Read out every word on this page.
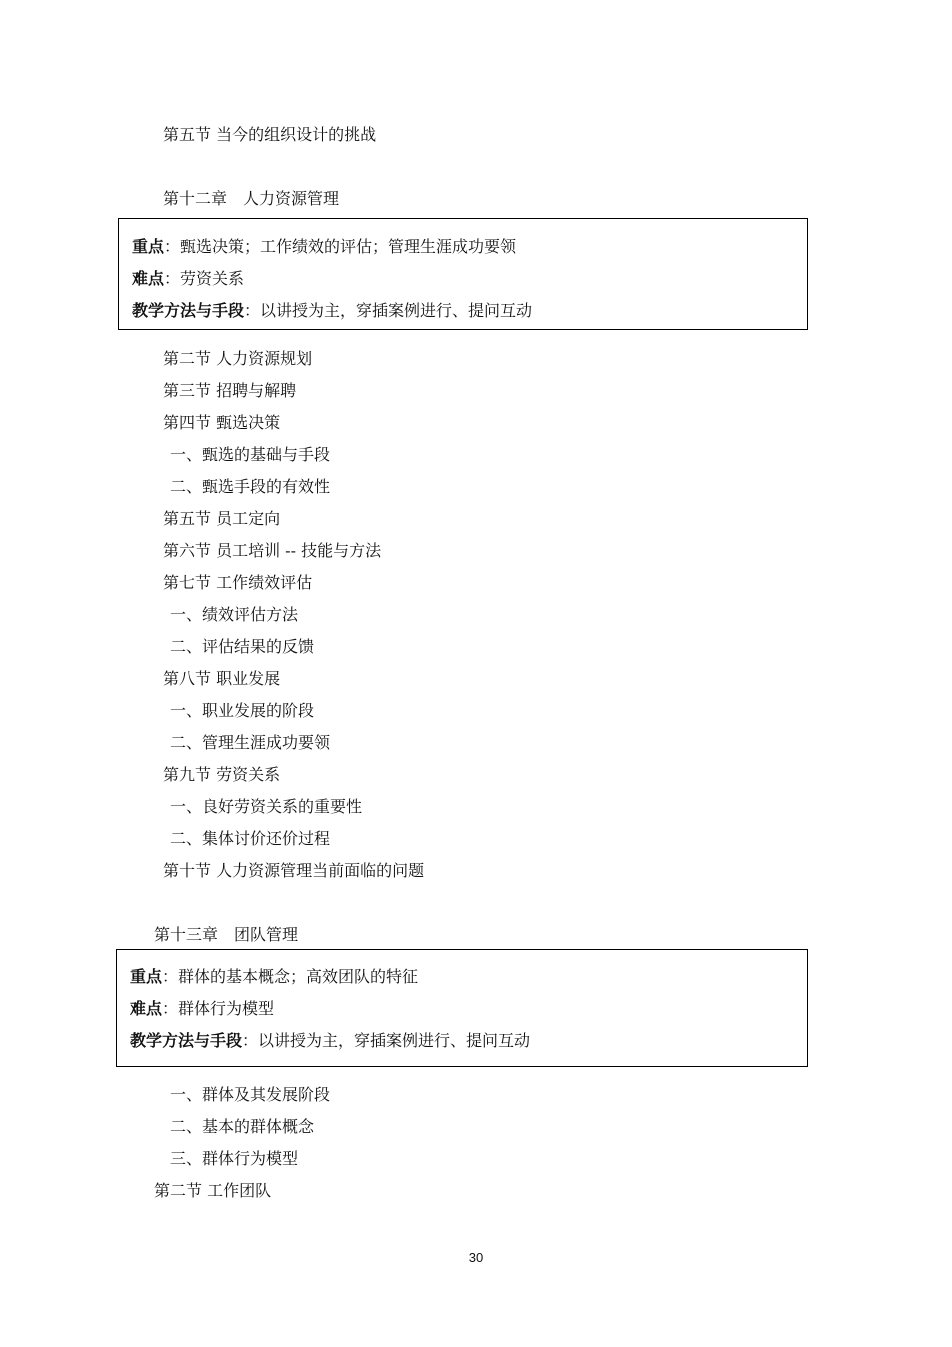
第五节 当今的组织设计的挑战
第十二章　人力资源管理
重点：甄选决策；工作绩效的评估；管理生涯成功要领
难点：劳资关系
教学方法与手段：以讲授为主，穿插案例进行、提问互动
第二节 人力资源规划
第三节 招聘与解聘
第四节 甄选决策
一、甄选的基础与手段
二、甄选手段的有效性
第五节 员工定向
第六节 员工培训 -- 技能与方法
第七节 工作绩效评估
一、绩效评估方法
二、评估结果的反馈
第八节 职业发展
一、职业发展的阶段
二、管理生涯成功要领
第九节 劳资关系
一、良好劳资关系的重要性
二、集体讨价还价过程
第十节 人力资源管理当前面临的问题
第十三章　团队管理
重点：群体的基本概念；高效团队的特征
难点：群体行为模型
教学方法与手段：以讲授为主，穿插案例进行、提问互动
一、群体及其发展阶段
二、基本的群体概念
三、群体行为模型
第二节 工作团队
30
